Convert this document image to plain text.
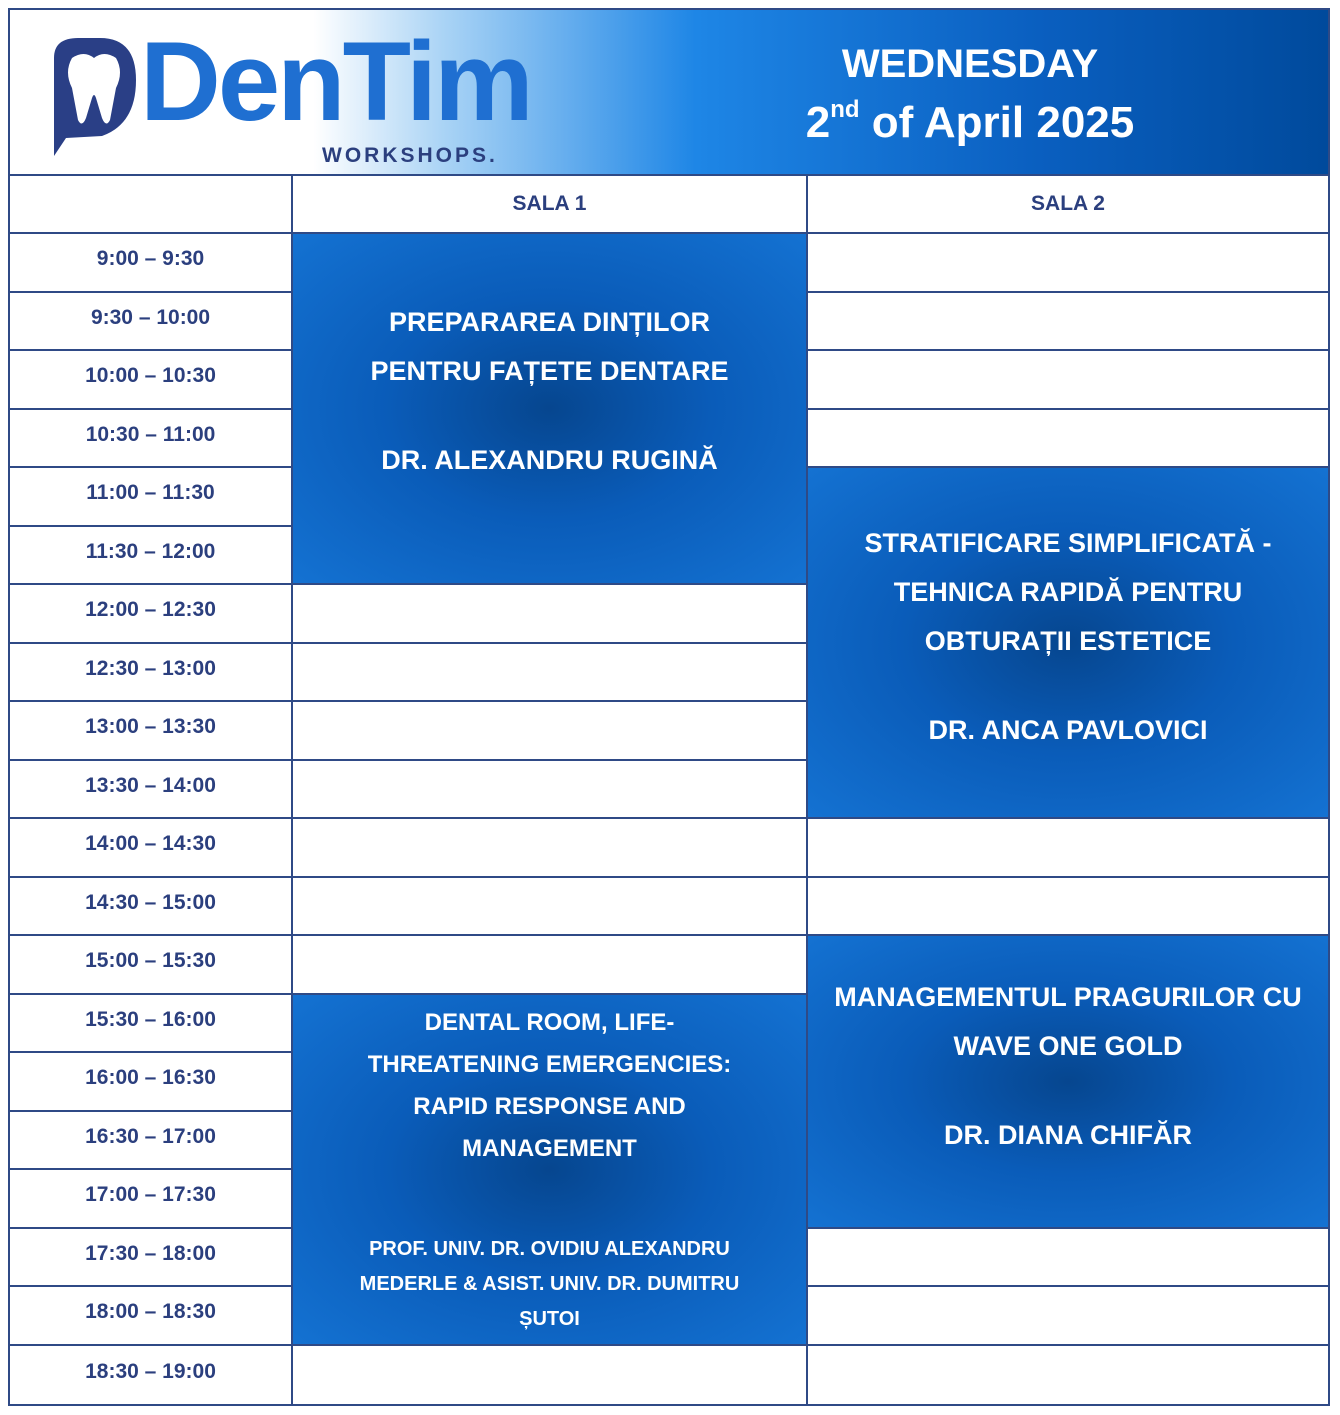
DenTim
WORKSHOPS.
WEDNESDAY
2nd of April 2025
SALA 1	SALA 2
9:00 – 9:30
9:30 – 10:00
10:00 – 10:30
10:30 – 11:00
11:00 – 11:30
11:30 – 12:00
12:00 – 12:30
12:30 – 13:00
13:00 – 13:30
13:30 – 14:00
14:00 – 14:30
14:30 – 15:00
15:00 – 15:30
15:30 – 16:00
16:00 – 16:30
16:30 – 17:00
17:00 – 17:30
17:30 – 18:00
18:00 – 18:30
18:30 – 19:00
PREPARAREA DINȚILOR
PENTRU FAȚETE DENTARE
DR. ALEXANDRU RUGINĂ
STRATIFICARE SIMPLIFICATĂ -
TEHNICA RAPIDĂ PENTRU
OBTURAȚII ESTETICE
DR. ANCA PAVLOVICI
DENTAL ROOM, LIFE-
THREATENING EMERGENCIES:
RAPID RESPONSE AND
MANAGEMENT
PROF. UNIV. DR. OVIDIU ALEXANDRU
MEDERLE & ASIST. UNIV. DR. DUMITRU
ȘUTOI
MANAGEMENTUL PRAGURILOR CU
WAVE ONE GOLD
DR. DIANA CHIFĂR
